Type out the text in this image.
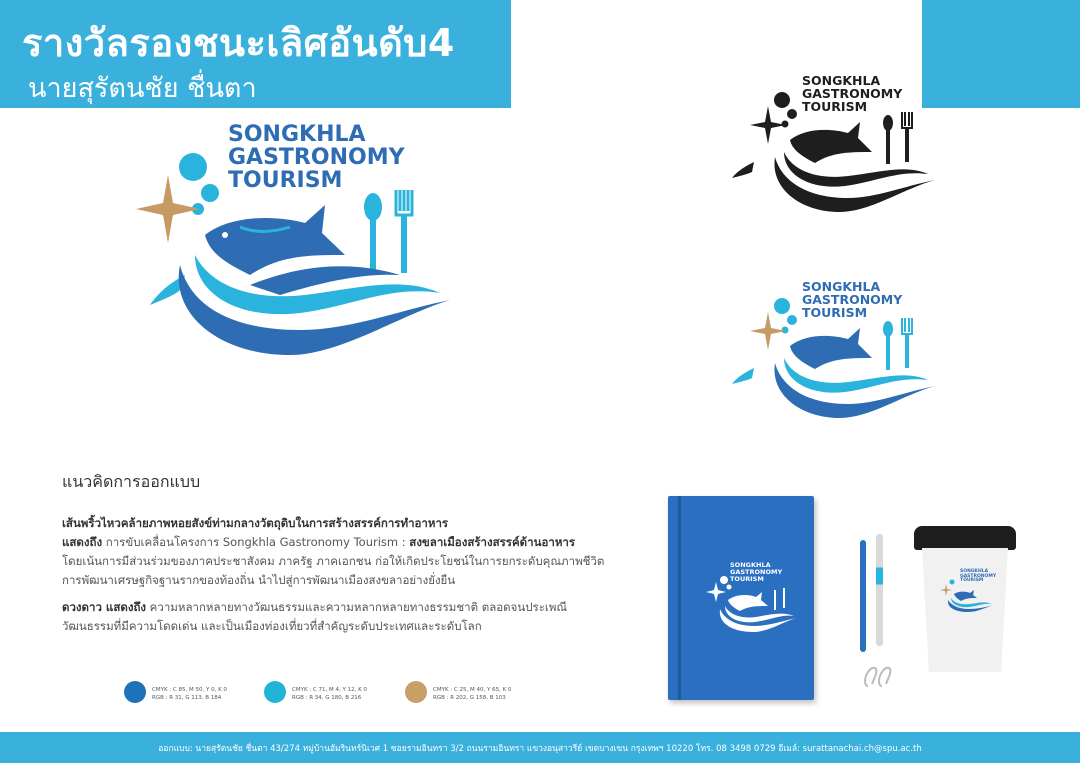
รางวัลรองชนะเลิศอันดับ4
นายสุรัตนชัย ชื่นตา
SONGKHLA
GASTRONOMY
TOURISM
SONGKHLA
GASTRONOMY
TOURISM
SONGKHLA
GASTRONOMY
TOURISM
แนวคิดการออกแบบ
เส้นพริ้วไหวคล้ายภาพหอยสังข์ท่ามกลางวัตถุดิบในการสร้างสรรค์การทำอาหาร
แสดงถึง การขับเคลื่อนโครงการ Songkhla Gastronomy Tourism : สงขลาเมืองสร้างสรรค์ด้านอาหาร
โดยเน้นการมีส่วนร่วมของภาคประชาสังคม ภาครัฐ ภาคเอกชน ก่อให้เกิดประโยชน์ในการยกระดับคุณภาพชีวิต
การพัฒนาเศรษฐกิจฐานรากของท้องถิ่น นำไปสู่การพัฒนาเมืองสงขลาอย่างยั่งยืน
ดวงดาว แสดงถึง ความหลากหลายทางวัฒนธรรมและความหลากหลายทางธรรมชาติ ตลอดจนประเพณี
วัฒนธรรมที่มีความโดดเด่น และเป็นเมืองท่องเที่ยวที่สำคัญระดับประเทศและระดับโลก
CMYK : C 85, M 50, Y 0, K 0
RGB : R 31, G 113, B 184
CMYK : C 71, M 4, Y 12, K 0
RGB : R 34, G 180, B 216
CMYK : C 25, M 40, Y 65, K 0
RGB : R 202, G 158, B 103
SONGKHLA
GASTRONOMY
TOURISM
SONGKHLA
GASTRONOMY
TOURISM
ออกแบบ: นายสุรัตนชัย ชื่นตา 43/274 หมู่บ้านอัมรินทร์นิเวศ 1 ซอยรามอินทรา 3/2 ถนนรามอินทรา แขวงอนุสาวรีย์ เขตบางเขน กรุงเทพฯ 10220 โทร. 08 3498 0729 อีเมล์: surattanachai.ch@spu.ac.th
